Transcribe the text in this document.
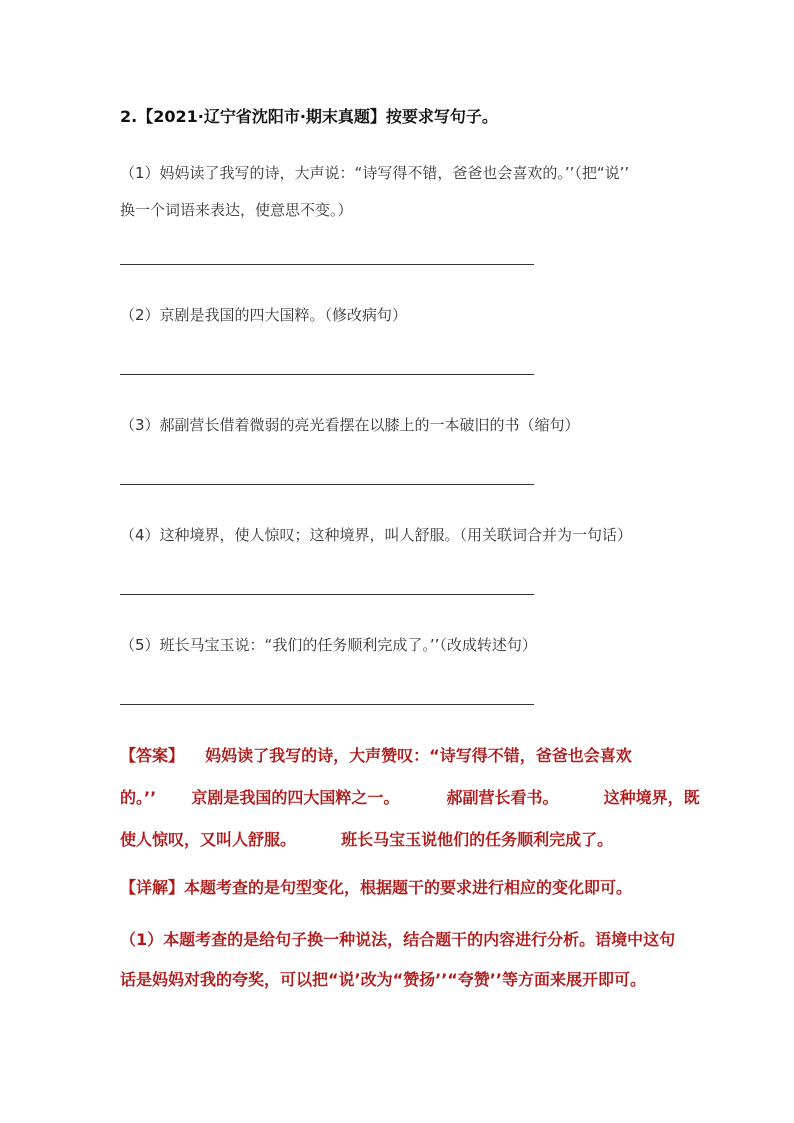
2.【2021·辽宁省沈阳市·期末真题】按要求写句子。
（1）妈妈读了我写的诗，大声说：“诗写得不错，爸爸也会喜欢的。’’（把“说’’
换一个词语来表达，使意思不变。）
（2）京剧是我国的四大国粹。（修改病句）
（3）郝副营长借着微弱的亮光看摆在以膝上的一本破旧的书（缩句）
（4）这种境界，使人惊叹；这种境界，叫人舒服。（用关联词合并为一句话）
（5）班长马宝玉说：“我们的任务顺利完成了。’’（改成转述句）
【答案】 妈妈读了我写的诗，大声赞叹：“诗写得不错，爸爸也会喜欢
的。’’ 京剧是我国的四大国粹之一。	郝副营长看书。	这种境界，既
使人惊叹，又叫人舒服。	班长马宝玉说他们的任务顺利完成了。
【详解】本题考查的是句型变化，根据题干的要求进行相应的变化即可。
（1）本题考查的是给句子换一种说法，结合题干的内容进行分析。语境中这句
话是妈妈对我的夸奖，可以把“说’改为“赞扬’’“夸赞’’等方面来展开即可。
